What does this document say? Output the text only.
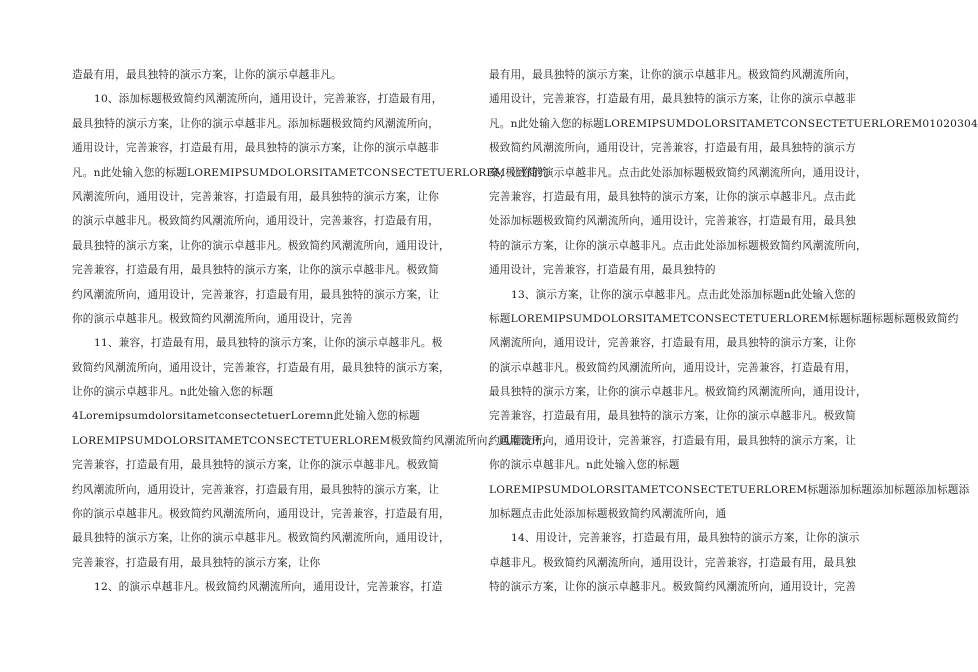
造最有用，最具独特的演示方案，让你的演示卓越非凡。
10、添加标题极致简约风潮流所向，通用设计，完善兼容，打造最有用，
最具独特的演示方案，让你的演示卓越非凡。添加标题极致简约风潮流所向，
通用设计，完善兼容，打造最有用，最具独特的演示方案，让你的演示卓越非
凡。n此处输入您的标题LOREMIPSUMDOLORSITAMETCONSECTETUERLOREM极致简约
风潮流所向，通用设计，完善兼容，打造最有用，最具独特的演示方案，让你
的演示卓越非凡。极致简约风潮流所向，通用设计，完善兼容，打造最有用，
最具独特的演示方案，让你的演示卓越非凡。极致简约风潮流所向，通用设计，
完善兼容，打造最有用，最具独特的演示方案，让你的演示卓越非凡。极致简
约风潮流所向，通用设计，完善兼容，打造最有用，最具独特的演示方案，让
你的演示卓越非凡。极致简约风潮流所向，通用设计，完善
11、兼容，打造最有用，最具独特的演示方案，让你的演示卓越非凡。极
致简约风潮流所向，通用设计，完善兼容，打造最有用，最具独特的演示方案，
让你的演示卓越非凡。n此处输入您的标题
4LoremipsumdolorsitametconsectetuerLoremn此处输入您的标题
LOREMIPSUMDOLORSITAMETCONSECTETUERLOREM极致简约风潮流所向，通用设计，
完善兼容，打造最有用，最具独特的演示方案，让你的演示卓越非凡。极致简
约风潮流所向，通用设计，完善兼容，打造最有用，最具独特的演示方案，让
你的演示卓越非凡。极致简约风潮流所向，通用设计，完善兼容，打造最有用，
最具独特的演示方案，让你的演示卓越非凡。极致简约风潮流所向，通用设计，
完善兼容，打造最有用，最具独特的演示方案，让你
12、的演示卓越非凡。极致简约风潮流所向，通用设计，完善兼容，打造
最有用，最具独特的演示方案，让你的演示卓越非凡。极致简约风潮流所向，
通用设计，完善兼容，打造最有用，最具独特的演示方案，让你的演示卓越非
凡。n此处输入您的标题LOREMIPSUMDOLORSITAMETCONSECTETUERLOREM01020304
极致简约风潮流所向，通用设计，完善兼容，打造最有用，最具独特的演示方
案，让你的演示卓越非凡。点击此处添加标题极致简约风潮流所向，通用设计，
完善兼容，打造最有用，最具独特的演示方案，让你的演示卓越非凡。点击此
处添加标题极致简约风潮流所向，通用设计，完善兼容，打造最有用，最具独
特的演示方案，让你的演示卓越非凡。点击此处添加标题极致简约风潮流所向，
通用设计，完善兼容，打造最有用，最具独特的
13、演示方案，让你的演示卓越非凡。点击此处添加标题n此处输入您的
标题LOREMIPSUMDOLORSITAMETCONSECTETUERLOREM标题标题标题标题极致简约
风潮流所向，通用设计，完善兼容，打造最有用，最具独特的演示方案，让你
的演示卓越非凡。极致简约风潮流所向，通用设计，完善兼容，打造最有用，
最具独特的演示方案，让你的演示卓越非凡。极致简约风潮流所向，通用设计，
完善兼容，打造最有用，最具独特的演示方案，让你的演示卓越非凡。极致简
约风潮流所向，通用设计，完善兼容，打造最有用，最具独特的演示方案，让
你的演示卓越非凡。n此处输入您的标题
LOREMIPSUMDOLORSITAMETCONSECTETUERLOREM标题添加标题添加标题添加标题添
加标题点击此处添加标题极致简约风潮流所向，通
14、用设计，完善兼容，打造最有用，最具独特的演示方案，让你的演示
卓越非凡。极致简约风潮流所向，通用设计，完善兼容，打造最有用，最具独
特的演示方案，让你的演示卓越非凡。极致简约风潮流所向，通用设计，完善
